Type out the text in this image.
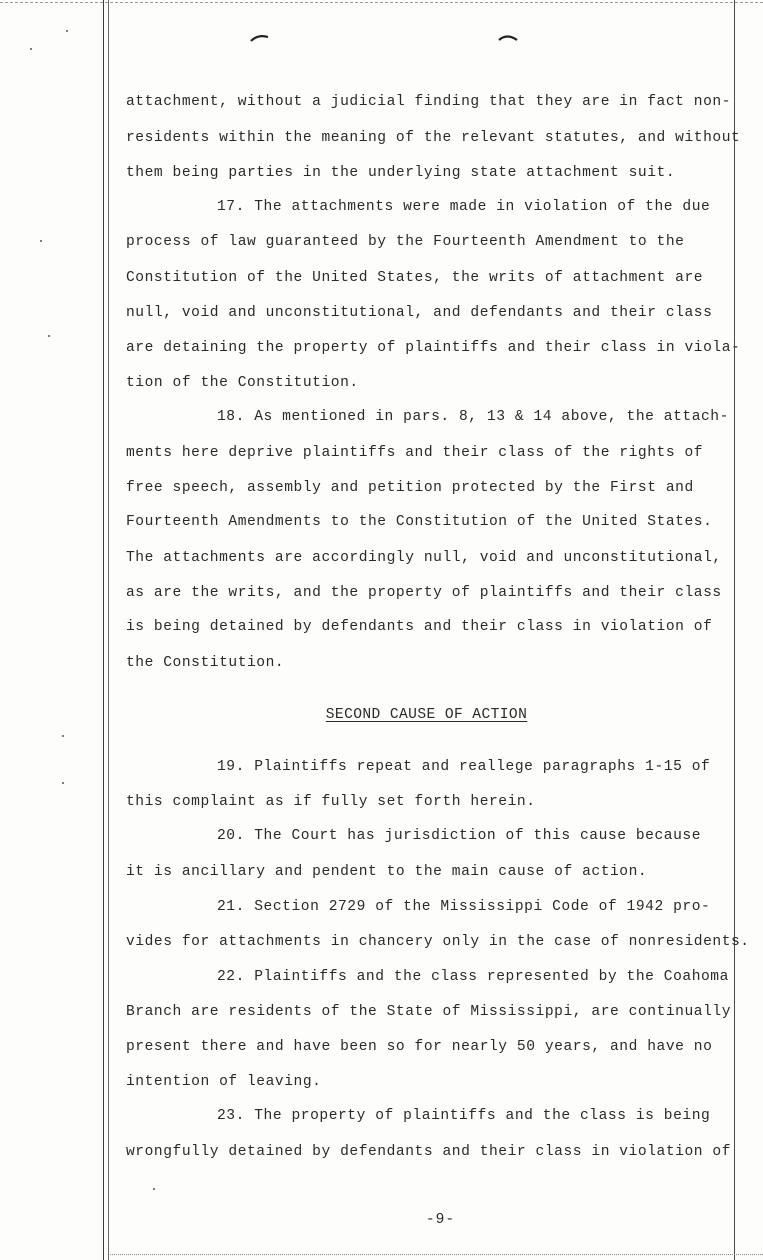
attachment, without a judicial finding that they are in fact non-
residents within the meaning of the relevant statutes, and without
them being parties in the underlying state attachment suit.
17. The attachments were made in violation of the due
process of law guaranteed by the Fourteenth Amendment to the
Constitution of the United States, the writs of attachment are
null, void and unconstitutional, and defendants and their class
are detaining the property of plaintiffs and their class in viola-
tion of the Constitution.
18. As mentioned in pars. 8, 13 & 14 above, the attach-
ments here deprive plaintiffs and their class of the rights of
free speech, assembly and petition protected by the First and
Fourteenth Amendments to the Constitution of the United States.
The attachments are accordingly null, void and unconstitutional,
as are the writs, and the property of plaintiffs and their class
is being detained by defendants and their class in violation of
the Constitution.
SECOND CAUSE OF ACTION
19. Plaintiffs repeat and reallege paragraphs 1-15 of
this complaint as if fully set forth herein.
20. The Court has jurisdiction of this cause because
it is ancillary and pendent to the main cause of action.
21. Section 2729 of the Mississippi Code of 1942 pro-
vides for attachments in chancery only in the case of nonresidents.
22. Plaintiffs and the class represented by the Coahoma
Branch are residents of the State of Mississippi, are continually
present there and have been so for nearly 50 years, and have no
intention of leaving.
23. The property of plaintiffs and the class is being
wrongfully detained by defendants and their class in violation of
-9-
